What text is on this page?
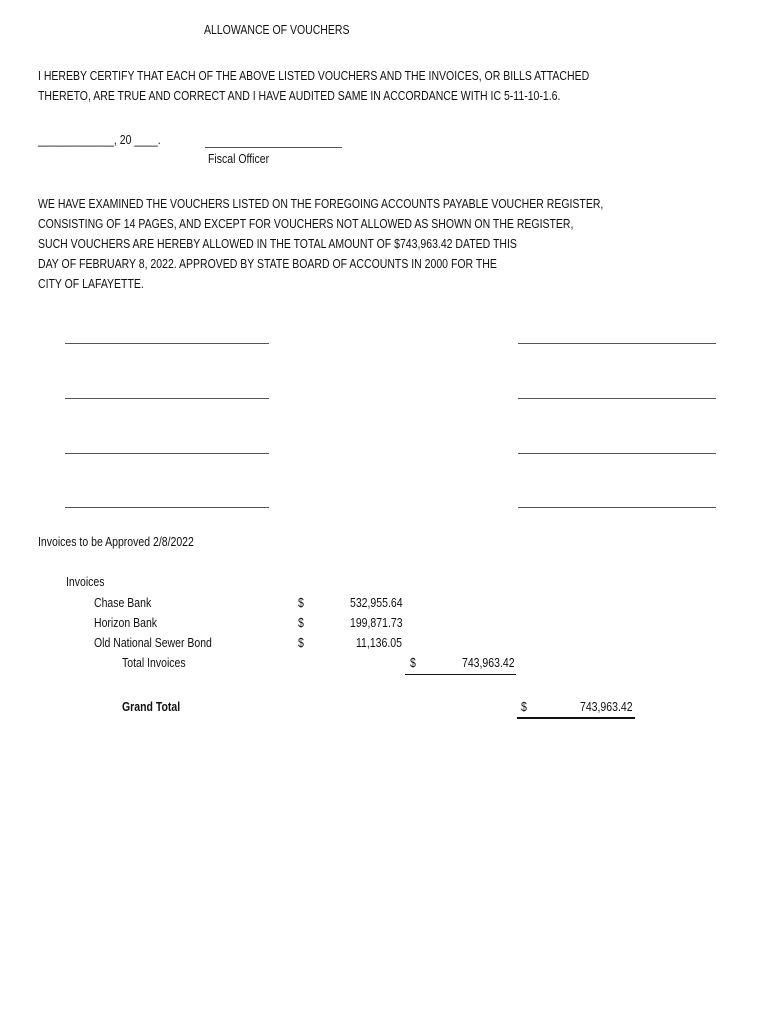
ALLOWANCE OF VOUCHERS
I HEREBY CERTIFY THAT EACH OF THE ABOVE LISTED VOUCHERS AND THE INVOICES, OR BILLS ATTACHED
THERETO, ARE TRUE AND CORRECT AND I HAVE AUDITED SAME IN ACCORDANCE WITH IC 5-11-10-1.6.
_____________, 20 ____.
Fiscal Officer
WE HAVE EXAMINED THE VOUCHERS LISTED ON THE FOREGOING ACCOUNTS PAYABLE VOUCHER REGISTER,
CONSISTING OF 14 PAGES, AND EXCEPT FOR VOUCHERS NOT ALLOWED AS SHOWN ON THE REGISTER,
SUCH VOUCHERS ARE HEREBY ALLOWED IN THE TOTAL AMOUNT OF $743,963.42 DATED THIS
DAY OF FEBRUARY 8, 2022. APPROVED BY STATE BOARD OF ACCOUNTS IN 2000 FOR THE
CITY OF LAFAYETTE.
Invoices to be Approved 2/8/2022
Invoices
Chase Bank	$	532,955.64
Horizon Bank	$	199,871.73
Old National Sewer Bond	$	11,136.05
Total Invoices	$	743,963.42
Grand Total	$	743,963.42
